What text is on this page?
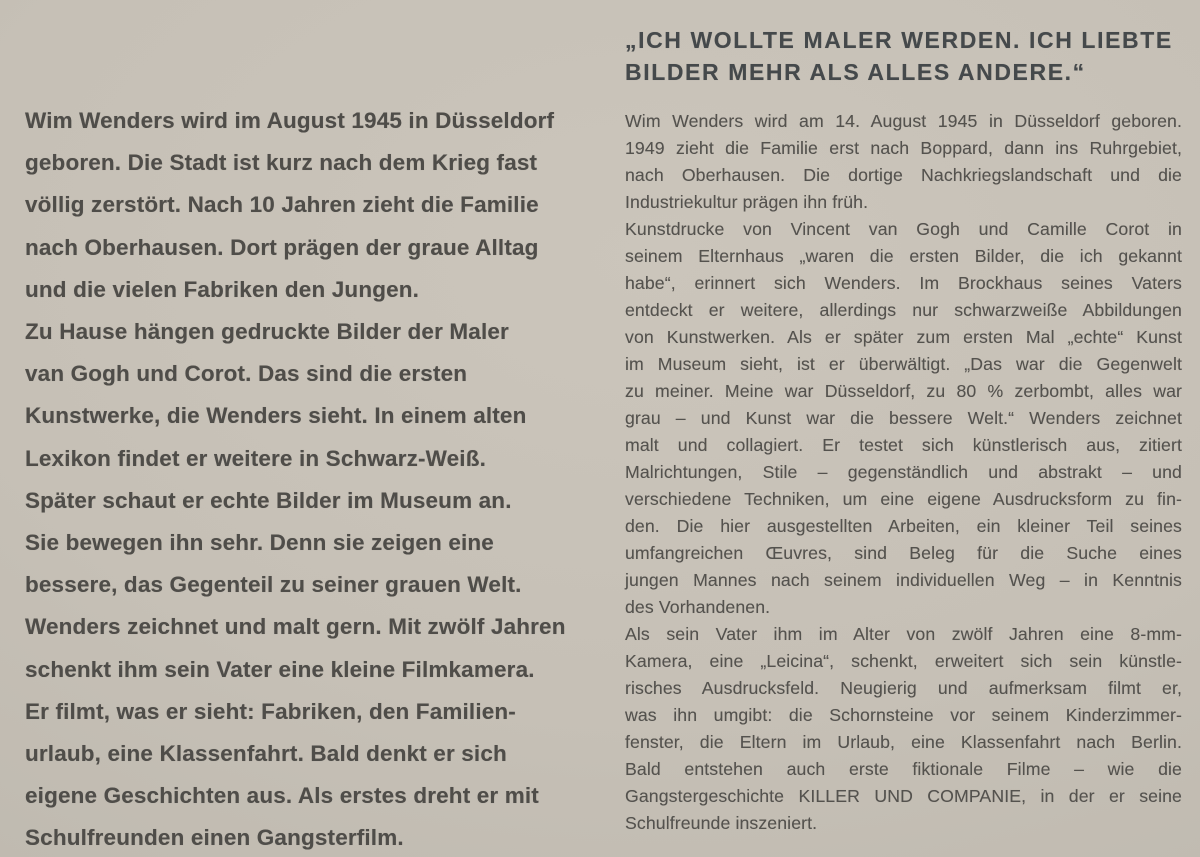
Wim Wenders wird im August 1945 in Düsseldorf
geboren. Die Stadt ist kurz nach dem Krieg fast
völlig zerstört. Nach 10 Jahren zieht die Familie
nach Oberhausen. Dort prägen der graue Alltag
und die vielen Fabriken den Jungen.
Zu Hause hängen gedruckte Bilder der Maler
van Gogh und Corot. Das sind die ersten
Kunstwerke, die Wenders sieht. In einem alten
Lexikon findet er weitere in Schwarz-Weiß.
Später schaut er echte Bilder im Museum an.
Sie bewegen ihn sehr. Denn sie zeigen eine
bessere, das Gegenteil zu seiner grauen Welt.
Wenders zeichnet und malt gern. Mit zwölf Jahren
schenkt ihm sein Vater eine kleine Filmkamera.
Er filmt, was er sieht: Fabriken, den Familien-
urlaub, eine Klassenfahrt. Bald denkt er sich
eigene Geschichten aus. Als erstes dreht er mit
Schulfreunden einen Gangsterfilm.
„ICH WOLLTE MALER WERDEN. ICH LIEBTE
BILDER MEHR ALS ALLES ANDERE.“
Wim Wenders wird am 14. August 1945 in Düsseldorf geboren.
1949 zieht die Familie erst nach Boppard, dann ins Ruhrgebiet,
nach Oberhausen. Die dortige Nachkriegslandschaft und die
Industriekultur prägen ihn früh.
Kunstdrucke von Vincent van Gogh und Camille Corot in
seinem Elternhaus „waren die ersten Bilder, die ich gekannt
habe“, erinnert sich Wenders. Im Brockhaus seines Vaters
entdeckt er weitere, allerdings nur schwarzweiße Abbildungen
von Kunstwerken. Als er später zum ersten Mal „echte“ Kunst
im Museum sieht, ist er überwältigt. „Das war die Gegenwelt
zu meiner. Meine war Düsseldorf, zu 80 % zerbombt, alles war
grau – und Kunst war die bessere Welt.“ Wenders zeichnet
malt und collagiert. Er testet sich künstlerisch aus, zitiert
Malrichtungen, Stile – gegenständlich und abstrakt – und
verschiedene Techniken, um eine eigene Ausdrucksform zu fin-
den. Die hier ausgestellten Arbeiten, ein kleiner Teil seines
umfangreichen Œuvres, sind Beleg für die Suche eines
jungen Mannes nach seinem individuellen Weg – in Kenntnis
des Vorhandenen.
Als sein Vater ihm im Alter von zwölf Jahren eine 8-mm-
Kamera, eine „Leicina“, schenkt, erweitert sich sein künstle-
risches Ausdrucksfeld. Neugierig und aufmerksam filmt er,
was ihn umgibt: die Schornsteine vor seinem Kinderzimmer-
fenster, die Eltern im Urlaub, eine Klassenfahrt nach Berlin.
Bald entstehen auch erste fiktionale Filme – wie die
Gangstergeschichte KILLER UND COMPANIE, in der er seine
Schulfreunde inszeniert.
